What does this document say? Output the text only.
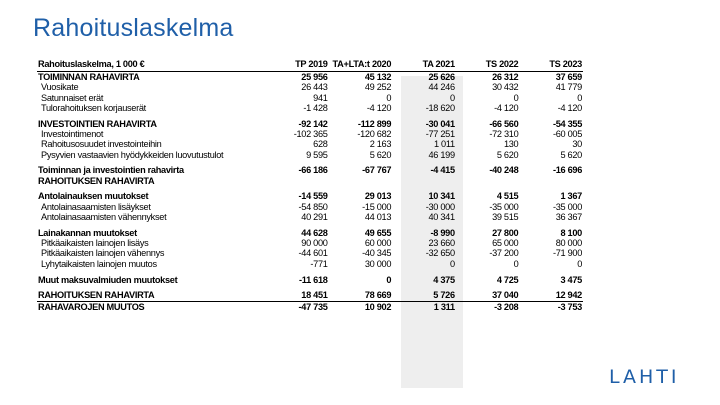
Rahoituslaskelma
Rahoituslaskelma, 1 000 €	TP 2019	TA+LTA:t 2020	TA 2021	TS 2022	TS 2023
TOIMINNAN RAHAVIRTA	25 956	45 132	25 626	26 312	37 659
Vuosikate	26 443	49 252	44 246	30 432	41 779
Satunnaiset erät	941	0	0	0	0
Tulorahoituksen korjauserät	-1 428	-4 120	-18 620	-4 120	-4 120

INVESTOINTIEN RAHAVIRTA	-92 142	-112 899	-30 041	-66 560	-54 355
Investointimenot	-102 365	-120 682	-77 251	-72 310	-60 005
Rahoitusosuudet investointeihin	628	2 163	1 011	130	30
Pysyvien vastaavien hyödykkeiden luovutustulot	9 595	5 620	46 199	5 620	5 620

Toiminnan ja investointien rahavirta	-66 186	-67 767	-4 415	-40 248	-16 696
RAHOITUKSEN RAHAVIRTA					

Antolainauksen muutokset	-14 559	29 013	10 341	4 515	1 367
Antolainasaamisten lisäykset	-54 850	-15 000	-30 000	-35 000	-35 000
Antolainasaamisten vähennykset	40 291	44 013	40 341	39 515	36 367

Lainakannan muutokset	44 628	49 655	-8 990	27 800	8 100
Pitkäaikaisten lainojen lisäys	90 000	60 000	23 660	65 000	80 000
Pitkäaikaisten lainojen vähennys	-44 601	-40 345	-32 650	-37 200	-71 900
Lyhytaikaisten lainojen muutos	-771	30 000	0	0	0

Muut maksuvalmiuden muutokset	-11 618	0	4 375	4 725	3 475

RAHOITUKSEN RAHAVIRTA	18 451	78 669	5 726	37 040	12 942
RAHAVAROJEN MUUTOS	-47 735	10 902	1 311	-3 208	-3 753
LAHTI
